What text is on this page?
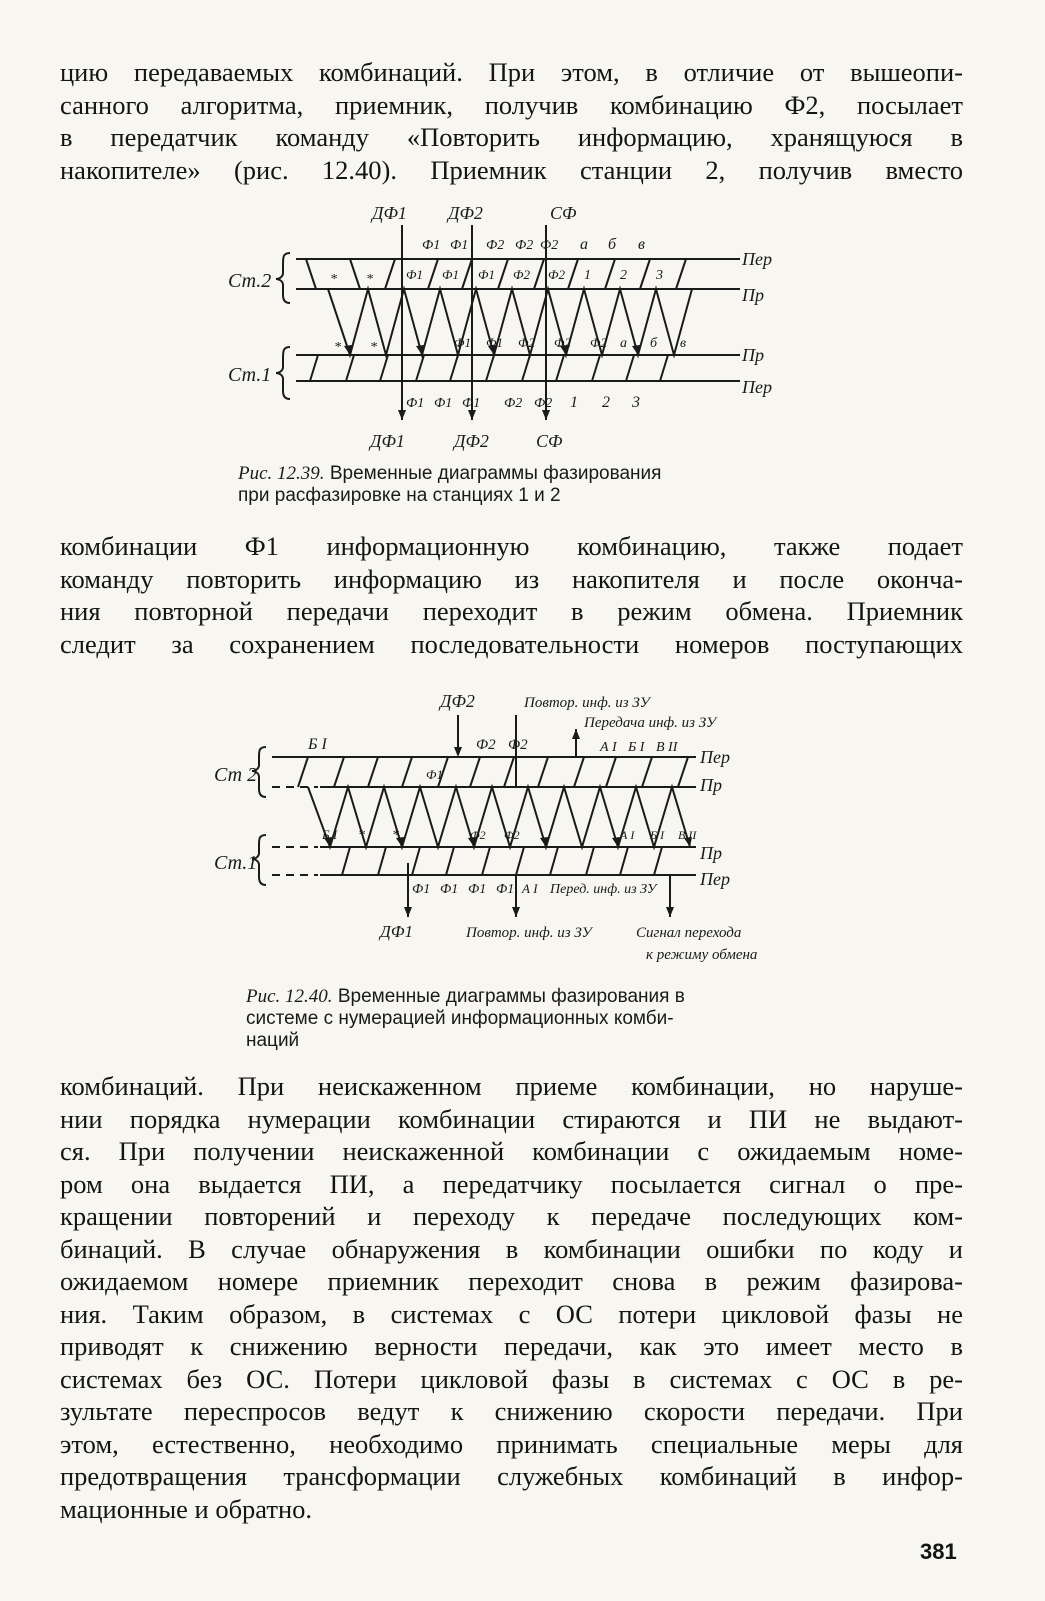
цию передаваемых комбинаций. При этом, в отличие от вышеопи-
санного алгоритма, приемник, получив комбинацию Ф2, посылает
в передатчик команду «Повторить информацию, хранящуюся в
накопителе» (рис. 12.40). Приемник станции 2, получив вместо
Ст.2
Ст.1
Пер
Пр
Пр
Пер
ДФ1 ДФ2	СФ
Ф1 Ф1 Ф2 Ф2 Ф2 а б в
* *	Ф1 Ф1 Ф1 Ф2 Ф2 1 2 3
* *	Ф1 Ф1 Ф2 Ф2 Ф2 а б в
Ф1 Ф1 Ф1 Ф2 Ф2 1 2 3
ДФ1	ДФ2	СФ
Рис. 12.39. Временные диаграммы фазирования
при расфазировке на станциях 1 и 2
комбинации Ф1 информационную комбинацию, также подает
команду повторить информацию из накопителя и после оконча-
ния повторной передачи переходит в режим обмена. Приемник
следит за сохранением последовательности номеров поступающих
Ст 2
Ст.1
Пер
Пр
Пр
Пер
ДФ2	Повтор. инф. из ЗУ
Передача инф. из ЗУ
Б I	Ф2 Ф2	А I Б I В II
Ф1
Б I * *	Ф2 Ф2	А I Б I В II
Ф1 Ф1 Ф1 Ф1 А I Перед. инф. из ЗУ
ДФ1	Повтор. инф. из ЗУ	Сигнал перехода
к режиму обмена
Рис. 12.40. Временные диаграммы фазирования в
системе с нумерацией информационных комби-
наций
комбинаций. При неискаженном приеме комбинации, но наруше-
нии порядка нумерации комбинации стираются и ПИ не выдают-
ся. При получении неискаженной комбинации с ожидаемым номе-
ром она выдается ПИ, а передатчику посылается сигнал о пре-
кращении повторений и переходу к передаче последующих ком-
бинаций. В случае обнаружения в комбинации ошибки по коду и
ожидаемом номере приемник переходит снова в режим фазирова-
ния. Таким образом, в системах с ОС потери цикловой фазы не
приводят к снижению верности передачи, как это имеет место в
системах без ОС. Потери цикловой фазы в системах с ОС в ре-
зультате переспросов ведут к снижению скорости передачи. При
этом, естественно, необходимо принимать специальные меры для
предотвращения трансформации служебных комбинаций в инфор-
мационные и обратно.
381
